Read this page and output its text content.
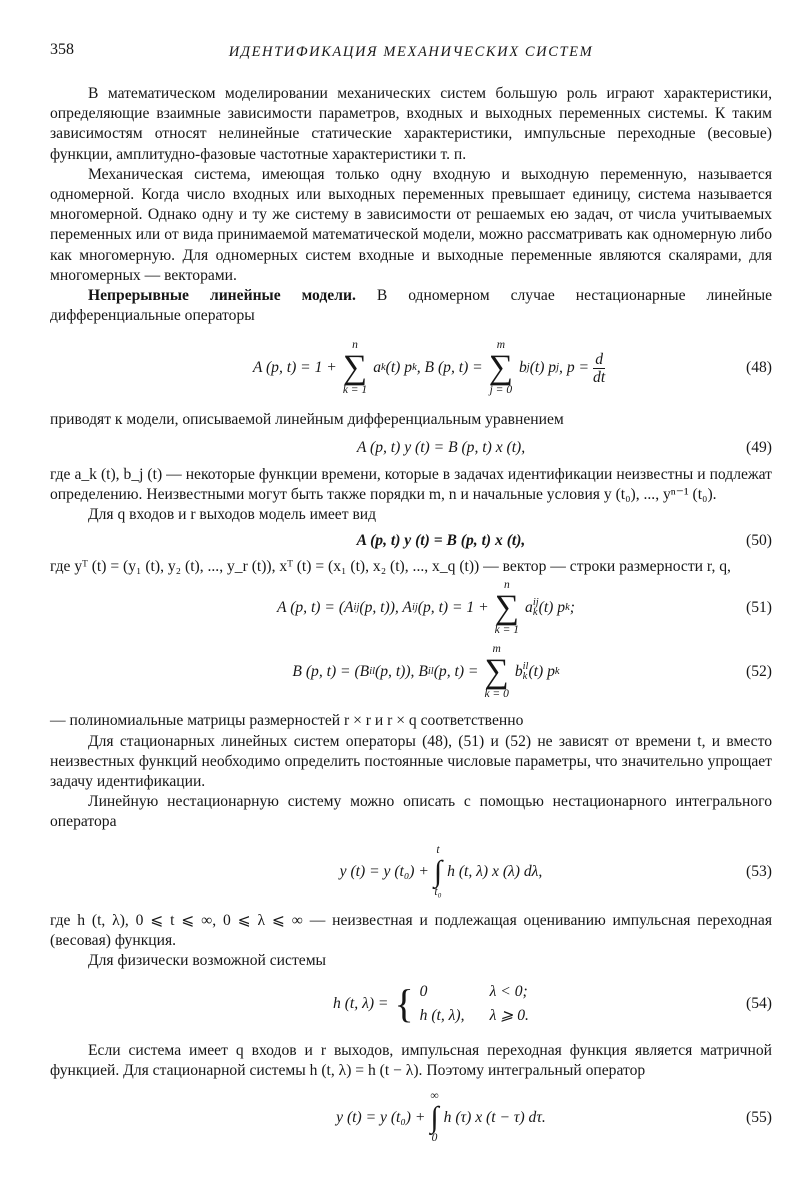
358	ИДЕНТИФИКАЦИЯ МЕХАНИЧЕСКИХ СИСТЕМ

В математическом моделировании механических систем большую роль играют характеристики, определяющие взаимные зависимости параметров, входных и выходных переменных системы. К таким зависимостям относят нелинейные статические характеристики, импульсные переходные (весовые) функции, амплитудно-фазовые частотные характеристики т. п.

Механическая система, имеющая только одну входную и выходную переменную, называется одномерной. Когда число входных или выходных переменных превышает единицу, система называется многомерной. Однако одну и ту же систему в зависимости от решаемых ею задач, от числа учитываемых переменных или от вида принимаемой математической модели, можно рассматривать как одномерную либо как многомерную. Для одномерных систем входные и выходные переменные являются скалярами, для многомерных — векторами.

Непрерывные линейные модели. В одномерном случае нестационарные линейные дифференциальные операторы

A (p, t) = 1 +
n
∑
k = 1
a k (t) p k , B (p, t) =
m
∑
j = 0
b j (t) p j , $p = \frac{d}{dt}$	(48)

приводят к модели, описываемой линейным дифференциальным уравнением

A (p, t) y (t) = B (p, t) x (t),	(49)

где a_k (t), b_j (t) — некоторые функции времени, которые в задачах идентификации неизвестны и подлежат определению. Неизвестными могут быть также порядки m, n и начальные условия y (t₀), ..., yⁿ⁻¹ (t₀).

Для q входов и r выходов модель имеет вид

A (p, t) y (t) = B (p, t) x (t),	(50)

где yᵀ (t) = (y₁ (t), y₂ (t), ..., y_r (t)), xᵀ (t) = (x₁ (t), x₂ (t), ..., x_q (t)) — вектор — строки размерности r, q,

A (p, t) = (A ij (p, t)), A ij (p, t) = 1 +
n
∑
k = 1
a ij
k (t) p k ;	(51)
B (p, t) = (B il (p, t)), B il (p, t) =
m
∑
k = 0
b il
k (t) p k	(52)

— полиномиальные матрицы размерностей r × r и r × q соответственно

Для стационарных линейных систем операторы (48), (51) и (52) не зависят от времени t, и вместо неизвестных функций необходимо определить постоянные числовые параметры, что значительно упрощает задачу идентификации.

Линейную нестационарную систему можно описать с помощью нестационарного интегрального оператора

y (t) = y (t₀) +
t
∫
t₀
h (t, λ) x (λ) dλ,	(53)

где h (t, λ), 0 ⩽ t ⩽ ∞, 0 ⩽ λ ⩽ ∞ — неизвестная и подлежащая оцениванию импульсная переходная (весовая) функция.

Для физически возможной системы

h (t, λ) = { 0	λ < 0;
h (t, λ), λ ⩾ 0.
(54)

Если система имеет q входов и r выходов, импульсная переходная функция является матричной функцией. Для стационарной системы h (t, λ) = h (t − λ). Поэтому интегральный оператор

y (t) = y (t₀) +
∞
∫
0
h (τ) x (t − τ) dτ.	(55)
